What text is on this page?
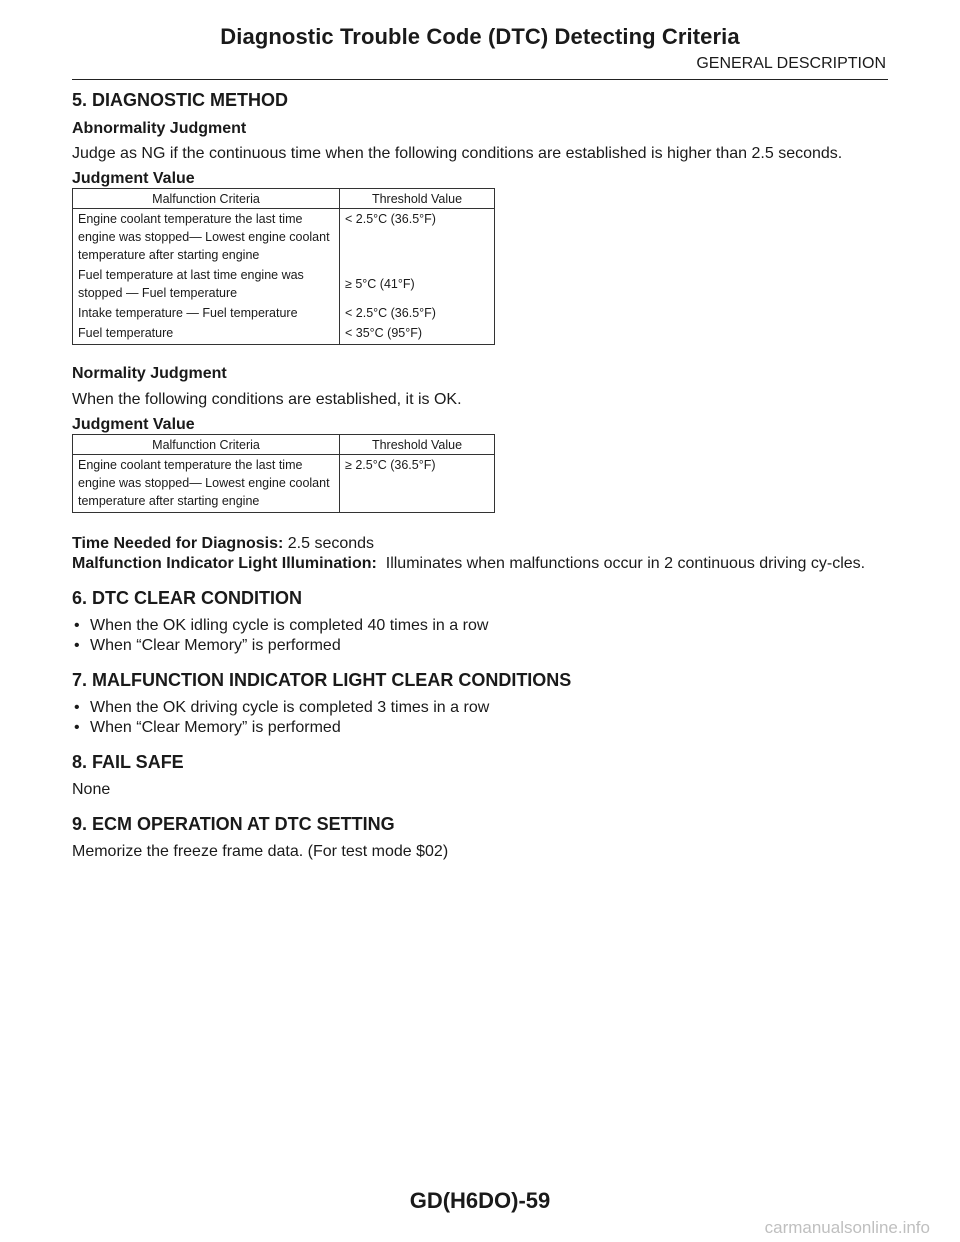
Diagnostic Trouble Code (DTC) Detecting Criteria
GENERAL DESCRIPTION
5. DIAGNOSTIC METHOD
Abnormality Judgment

Judge as NG if the continuous time when the following conditions are established is higher than 2.5 seconds.

Judgment Value
Malfunction Criteria	Threshold Value
Engine coolant temperature the last time engine was stopped— Lowest engine coolant temperature after starting engine	< 2.5°C (36.5°F)
Fuel temperature at last time engine was stopped — Fuel temperature	≥ 5°C (41°F)
Intake temperature — Fuel temperature	< 2.5°C (36.5°F)
Fuel temperature	< 35°C (95°F)
Normality Judgment

When the following conditions are established, it is OK.

Judgment Value
Malfunction Criteria	Threshold Value
Engine coolant temperature the last time engine was stopped— Lowest engine coolant temperature after starting engine	≥ 2.5°C (36.5°F)

Time Needed for Diagnosis: 2.5 seconds

Malfunction Indicator Light Illumination: Illuminates when malfunctions occur in 2 continuous driving cy-cles.

6. DTC CLEAR CONDITION
• When the OK idling cycle is completed 40 times in a row
• When “Clear Memory” is performed
7. MALFUNCTION INDICATOR LIGHT CLEAR CONDITIONS
• When the OK driving cycle is completed 3 times in a row
• When “Clear Memory” is performed
8. FAIL SAFE

None

9. ECM OPERATION AT DTC SETTING

Memorize the freeze frame data. (For test mode $02)

GD(H6DO)-59
carmanualsonline.info
